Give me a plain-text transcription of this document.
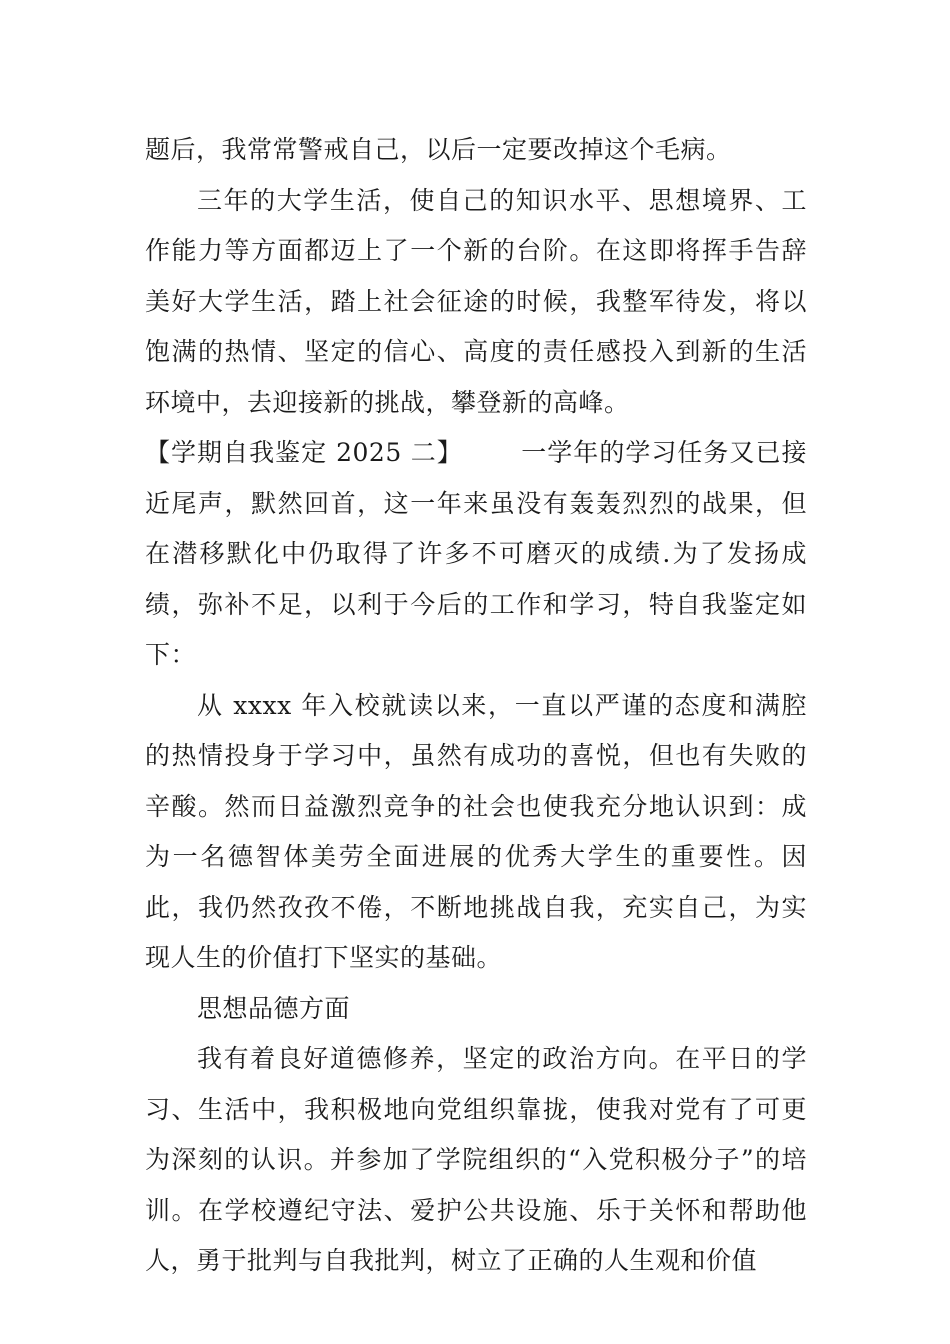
题后，我常常警戒自己，以后一定要改掉这个毛病。

三年的大学生活，使自己的知识水平、思想境界、工作能力等方面都迈上了一个新的台阶。在这即将挥手告辞美好大学生活，踏上社会征途的时候，我整军待发，将以饱满的热情、坚定的信心、高度的责任感投入到新的生活环境中，去迎接新的挑战，攀登新的高峰。

【学期自我鉴定 2025 二】 一学年的学习任务又已接近尾声，默然回首，这一年来虽没有轰轰烈烈的战果，但在潜移默化中仍取得了许多不可磨灭的成绩.为了发扬成绩，弥补不足，以利于今后的工作和学习，特自我鉴定如下：

从 xxxx 年入校就读以来，一直以严谨的态度和满腔的热情投身于学习中，虽然有成功的喜悦，但也有失败的辛酸。然而日益激烈竞争的社会也使我充分地认识到：成为一名德智体美劳全面进展的优秀大学生的重要性。因此，我仍然孜孜不倦，不断地挑战自我，充实自己，为实现人生的价值打下坚实的基础。

思想品德方面

我有着良好道德修养，坚定的政治方向。在平日的学习、生活中，我积极地向党组织靠拢，使我对党有了可更为深刻的认识。并参加了学院组织的“入党积极分子”的培训。在学校遵纪守法、爱护公共设施、乐于关怀和帮助他人，勇于批判与自我批判，树立了正确的人生观和价值
